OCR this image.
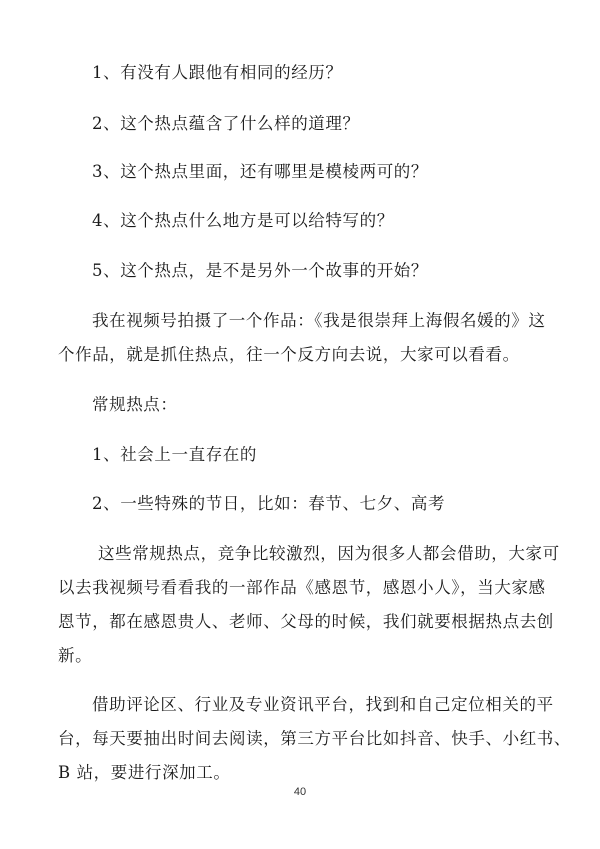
1、有没有人跟他有相同的经历？
2、这个热点蕴含了什么样的道理？
3、这个热点里面，还有哪里是模棱两可的？
4、这个热点什么地方是可以给特写的？
5、这个热点，是不是另外一个故事的开始？
我在视频号拍摄了一个作品：《我是很崇拜上海假名媛的》这
个作品，就是抓住热点，往一个反方向去说，大家可以看看。
常规热点：
1、社会上一直存在的
2、一些特殊的节日，比如：春节、七夕、高考
这些常规热点，竞争比较激烈，因为很多人都会借助，大家可
以去我视频号看看我的一部作品《感恩节，感恩小人》，当大家感
恩节，都在感恩贵人、老师、父母的时候，我们就要根据热点去创
新。
借助评论区、行业及专业资讯平台，找到和自己定位相关的平
台，每天要抽出时间去阅读，第三方平台比如抖音、快手、小红书、
B 站，要进行深加工。
40
